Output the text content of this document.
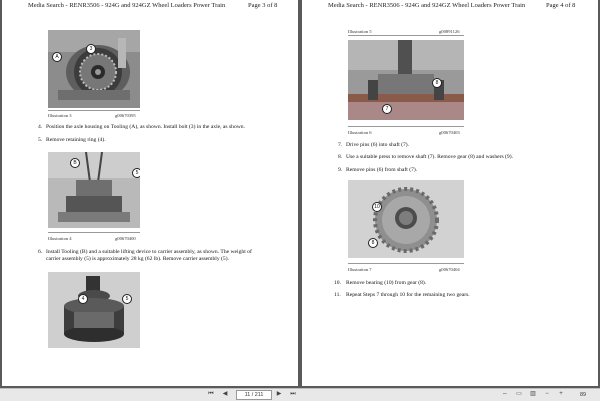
Media Search - RENR3506 - 924G and 924GZ Wheel Loaders Power Train	Page 3 of 8
A
3
Illustration 3	g00670395
4. Position the axle housing on Tooling (A), as shown. Install bolt (3) in the axle, as shown.
5. Remove retaining ring (4).
B
5
Illustration 4	g00670400
6. Install Tooling (B) and a suitable lifting device to carrier assembly, as shown. The weight of
carrier assembly (5) is approximately 28 kg (62 lb). Remove carrier assembly (5).
4	5
Media Search - RENR3506 - 924G and 924GZ Wheel Loaders Power Train	Page 4 of 8
Illustration 5	g00891126
8
7
Illustration 6	g00670403
7. Drive pins (6) into shaft (7).
8. Use a suitable press to remove shaft (7). Remove gear (8) and washers (9).
9. Remove pins (6) from shaft (7).
10
8
Illustration 7	g00670404
10. Remove bearing (10) from gear (8).
11. Repeat Steps 7 through 10 for the remaining two gears.
⏮	◀	11 / 211	▶	⏭	⇔	▭	▥	−	+	89
